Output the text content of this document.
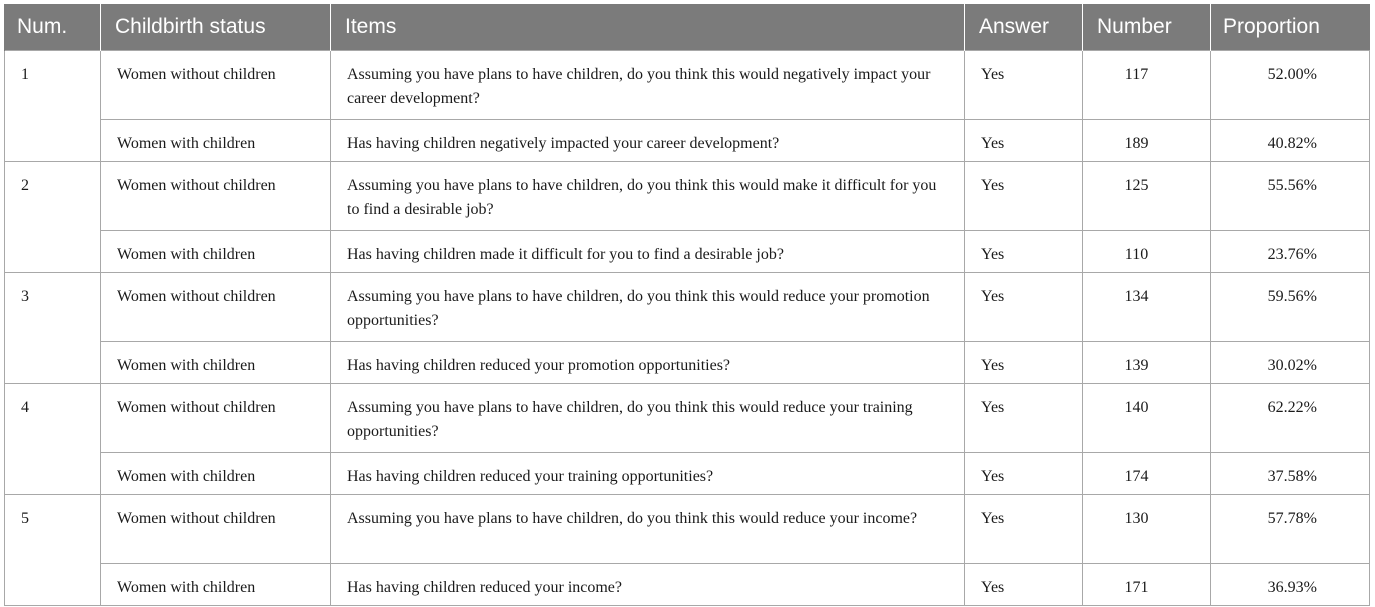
Num.	Childbirth status	Items	Answer	Number	Proportion
1	Women without children	Assuming you have plans to have children, do you think this would negatively impact your career development?	Yes	117	52.00%
	Women with children	Has having children negatively impacted your career development?	Yes	189	40.82%
2	Women without children	Assuming you have plans to have children, do you think this would make it difficult for you to find a desirable job?	Yes	125	55.56%
	Women with children	Has having children made it difficult for you to find a desirable job?	Yes	110	23.76%
3	Women without children	Assuming you have plans to have children, do you think this would reduce your promotion opportunities?	Yes	134	59.56%
	Women with children	Has having children reduced your promotion opportunities?	Yes	139	30.02%
4	Women without children	Assuming you have plans to have children, do you think this would reduce your training opportunities?	Yes	140	62.22%
	Women with children	Has having children reduced your training opportunities?	Yes	174	37.58%
5	Women without children	Assuming you have plans to have children, do you think this would reduce your income?	Yes	130	57.78%
	Women with children	Has having children reduced your income?	Yes	171	36.93%
